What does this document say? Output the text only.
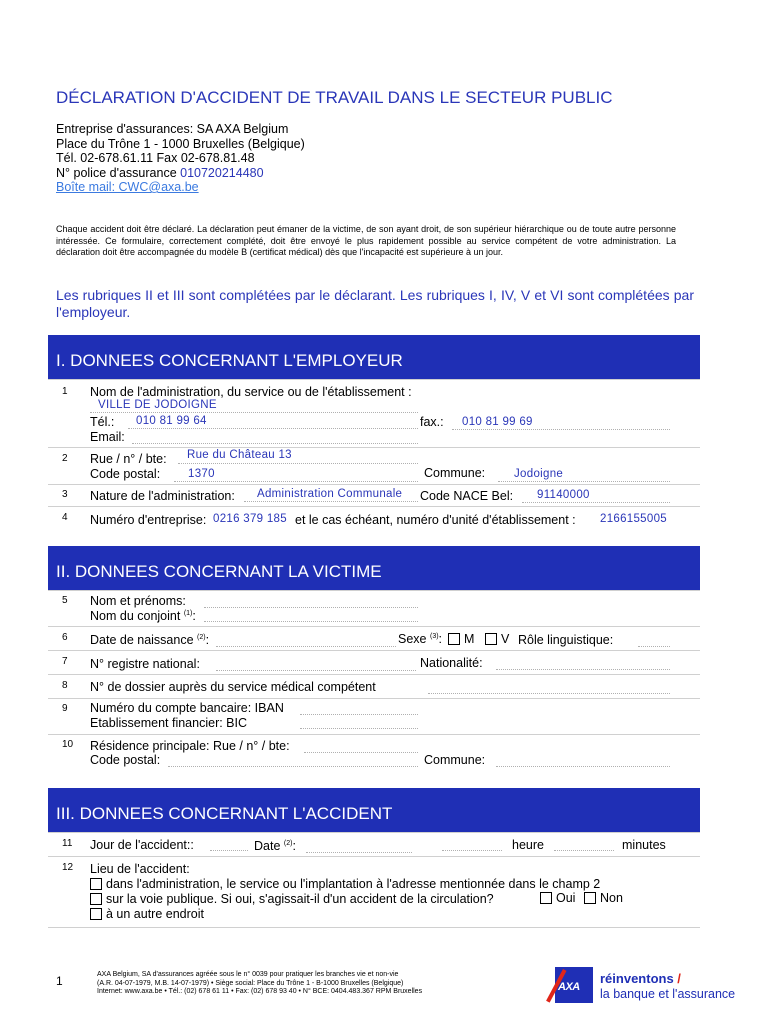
DÉCLARATION D'ACCIDENT DE TRAVAIL DANS LE SECTEUR PUBLIC
Entreprise d'assurances: SA AXA Belgium
Place du Trône 1 - 1000 Bruxelles (Belgique)
Tél. 02-678.61.11 Fax 02-678.81.48
N° police d'assurance 010720214480
Boîte mail: CWC@axa.be
Chaque accident doit être déclaré. La déclaration peut émaner de la victime, de son ayant droit, de son supérieur hiérarchique ou de toute autre personne intéressée. Ce formulaire, correctement complété, doit être envoyé le plus rapidement possible au service compétent de votre administration. La déclaration doit être accompagnée du modèle B (certificat médical) dès que l'incapacité est supérieure à un jour.
Les rubriques II et III sont complétées par le déclarant. Les rubriques I, IV, V et VI sont complétées par l'employeur.
I. DONNEES CONCERNANT L'EMPLOYEUR
1 Nom de l'administration, du service ou de l'établissement :
VILLE DE JODOIGNE
Tél.: 010 81 99 64	fax.: 010 81 99 69
Email:
2 Rue / n° / bte: Rue du Château 13
Code postal: 1370	Commune:	Jodoigne
3 Nature de l'administration: Administration Communale Code NACE Bel: 91140000
4 Numéro d'entreprise: 0216 379 185 et le cas échéant, numéro d'unité d'établissement : 2166155005
II. DONNEES CONCERNANT LA VICTIME
5 Nom et prénoms:
Nom du conjoint $^{(1)}$:
6 Date de naissance $^{(2)}$:	Sexe $^{(3)}$:	M	V Rôle linguistique:
7 N° registre national:	Nationalité:
8 N° de dossier auprès du service médical compétent
9 Numéro du compte bancaire: IBAN
Etablissement financier: BIC
10 Résidence principale: Rue / n° / bte:
Code postal:	Commune:
III. DONNEES CONCERNANT L'ACCIDENT
11 Jour de l'accident::	Date $^{(2)}$:	heure	minutes
12 Lieu de l'accident:
dans l'administration, le service ou l'implantation à l'adresse mentionnée dans le champ 2
sur la voie publique. Si oui, s'agissait-il d'un accident de la circulation?	Oui	Non
à un autre endroit
1	AXA Belgium, SA d'assurances agréée sous le n° 0039 pour pratiquer les branches vie et non-vie
(A.R. 04-07-1979, M.B. 14-07-1979) • Siège social: Place du Trône 1 - B-1000 Bruxelles (Belgique)
Internet: www.axa.be • Tél.: (02) 678 61 11 • Fax: (02) 678 93 40 • N° BCE: 0404.483.367 RPM Bruxelles	AXA
réinventons /
la banque et l'assurance
